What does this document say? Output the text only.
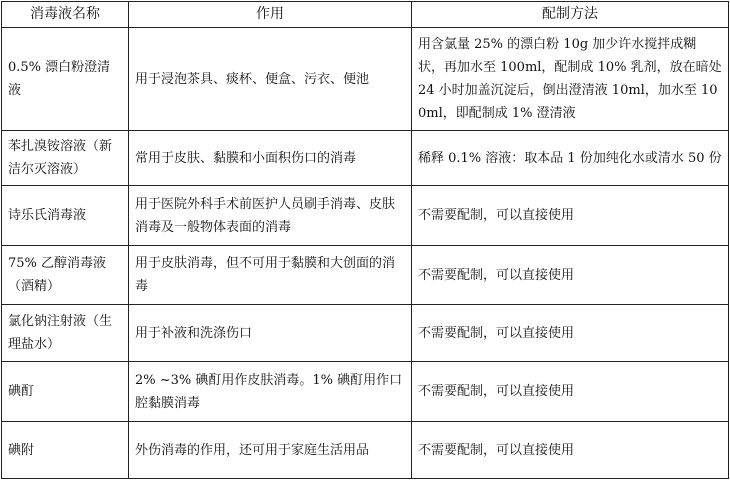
消毒液名称	作用	配制方法
0.5% 漂白粉澄清液	用于浸泡茶具、痰杯、便盒、污衣、便池	用含氯量 25% 的漂白粉 10g 加少许水搅拌成糊状，再加水至 100ml，配制成 10% 乳剂，放在暗处 24 小时加盖沉淀后，倒出澄清液 10ml，加水至 100ml，即配制成 1% 澄清液
苯扎溴铵溶液（新洁尔灭溶液）	常用于皮肤、黏膜和小面积伤口的消毒	稀释 0.1% 溶液：取本品 1 份加纯化水或清水 50 份
诗乐氏消毒液	用于医院外科手术前医护人员刷手消毒、皮肤消毒及一般物体表面的消毒	不需要配制，可以直接使用
75% 乙醇消毒液（酒精）	用于皮肤消毒，但不可用于黏膜和大创面的消毒	不需要配制，可以直接使用
氯化钠注射液（生理盐水）	用于补液和洗涤伤口	不需要配制，可以直接使用
碘酊	2% ~3% 碘酊用作皮肤消毒。1% 碘酊用作口腔黏膜消毒	不需要配制，可以直接使用
碘附	外伤消毒的作用，还可用于家庭生活用品	不需要配制，可以直接使用
